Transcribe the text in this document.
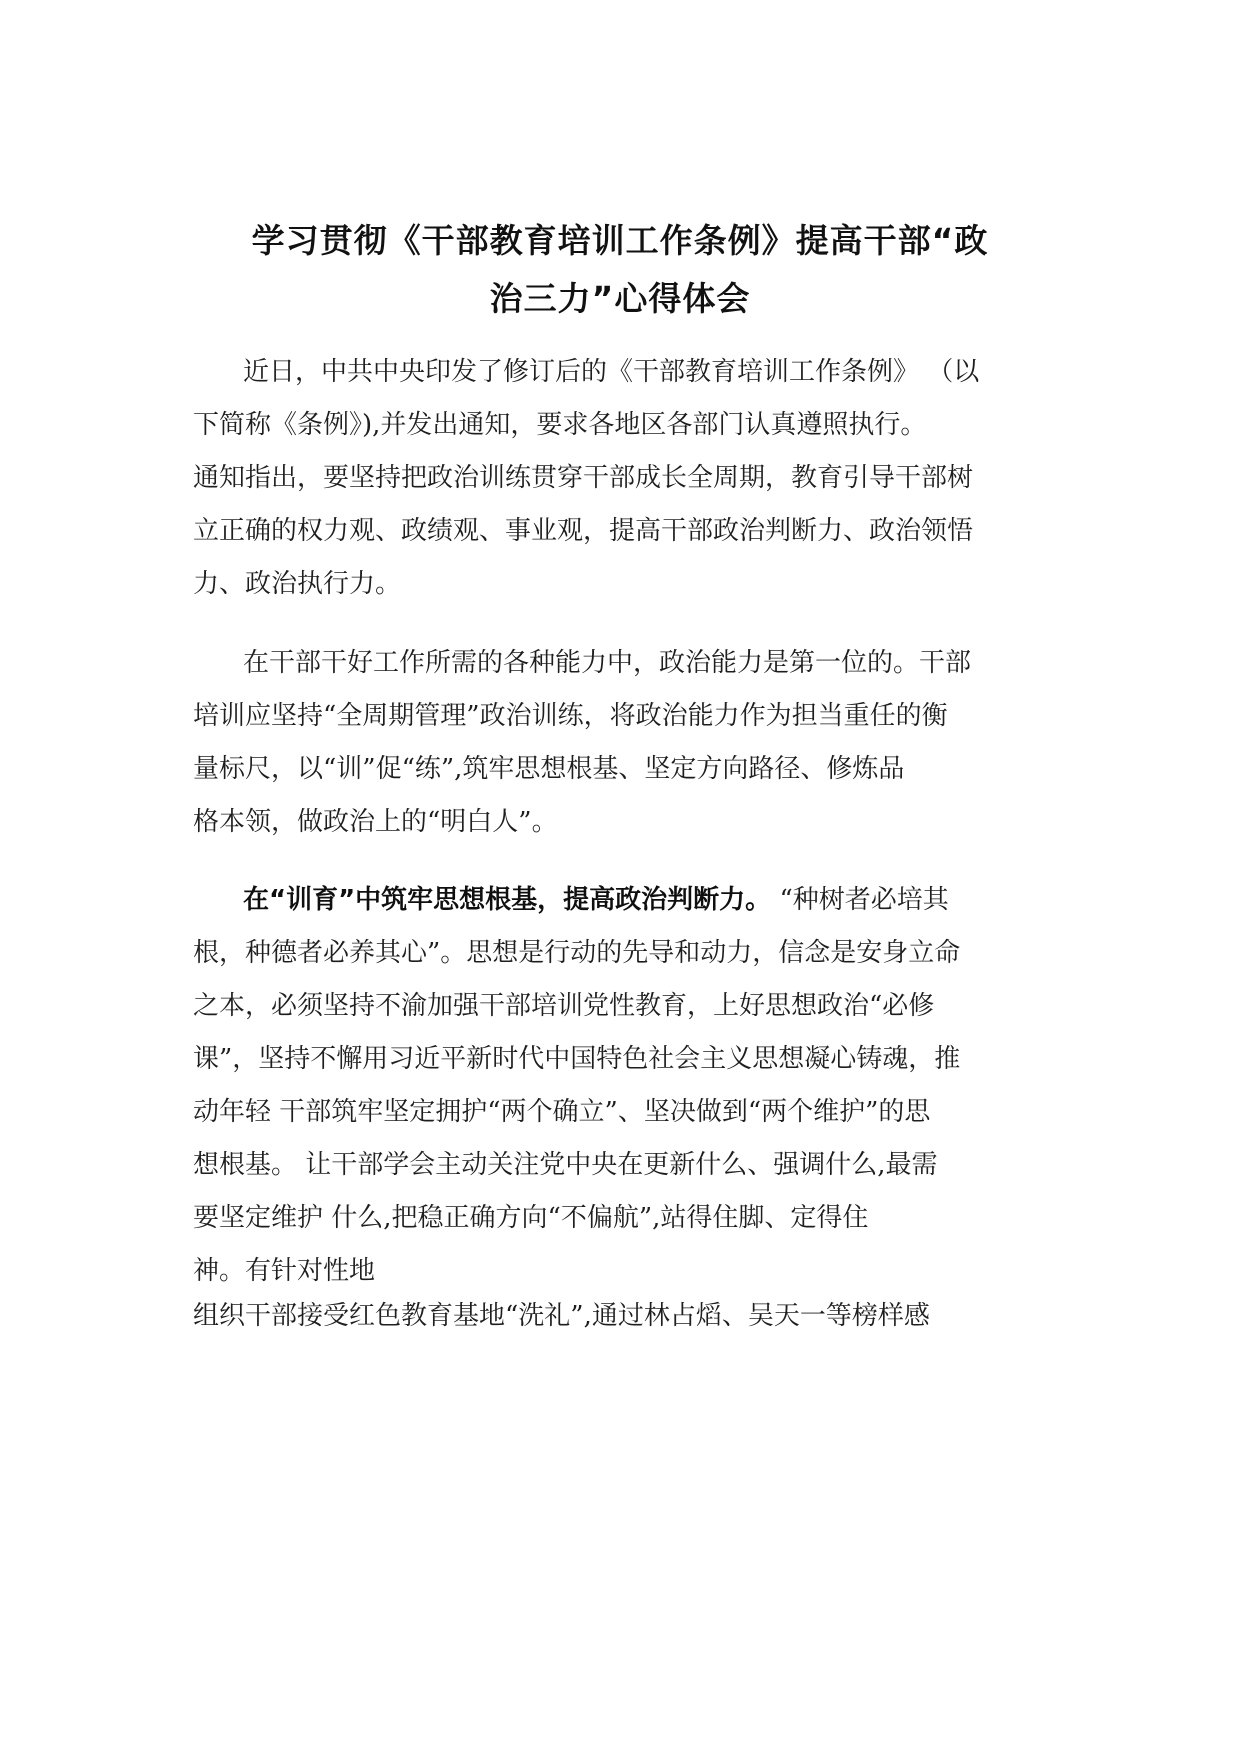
学习贯彻《干部教育培训工作条例》提高干部“政
治三力”心得体会
近日，中共中央印发了修订后的《干部教育培训工作条例》 （以
下简称《条例》),并发出通知，要求各地区各部门认真遵照执行。
通知指出，要坚持把政治训练贯穿干部成长全周期，教育引导干部树
立正确的权力观、政绩观、事业观，提高干部政治判断力、政治领悟
力、政治执行力。
在干部干好工作所需的各种能力中，政治能力是第一位的。干部
培训应坚持“全周期管理”政治训练，将政治能力作为担当重任的衡
量标尺，以“训”促“练”,筑牢思想根基、坚定方向路径、修炼品
格本领，做政治上的“明白人”。
在“训育”中筑牢思想根基，提高政治判断力。 “种树者必培其
根，种德者必养其心”。思想是行动的先导和动力，信念是安身立命
之本，必须坚持不渝加强干部培训党性教育，上好思想政治“必修
课”，坚持不懈用习近平新时代中国特色社会主义思想凝心铸魂，推
动年轻 干部筑牢坚定拥护“两个确立”、坚决做到“两个维护”的思
想根基。 让干部学会主动关注党中央在更新什么、强调什么,最需
要坚定维护 什么,把稳正确方向“不偏航”,站得住脚、定得住
神。有针对性地
组织干部接受红色教育基地“洗礼”,通过林占熖、吴天一等榜样感
